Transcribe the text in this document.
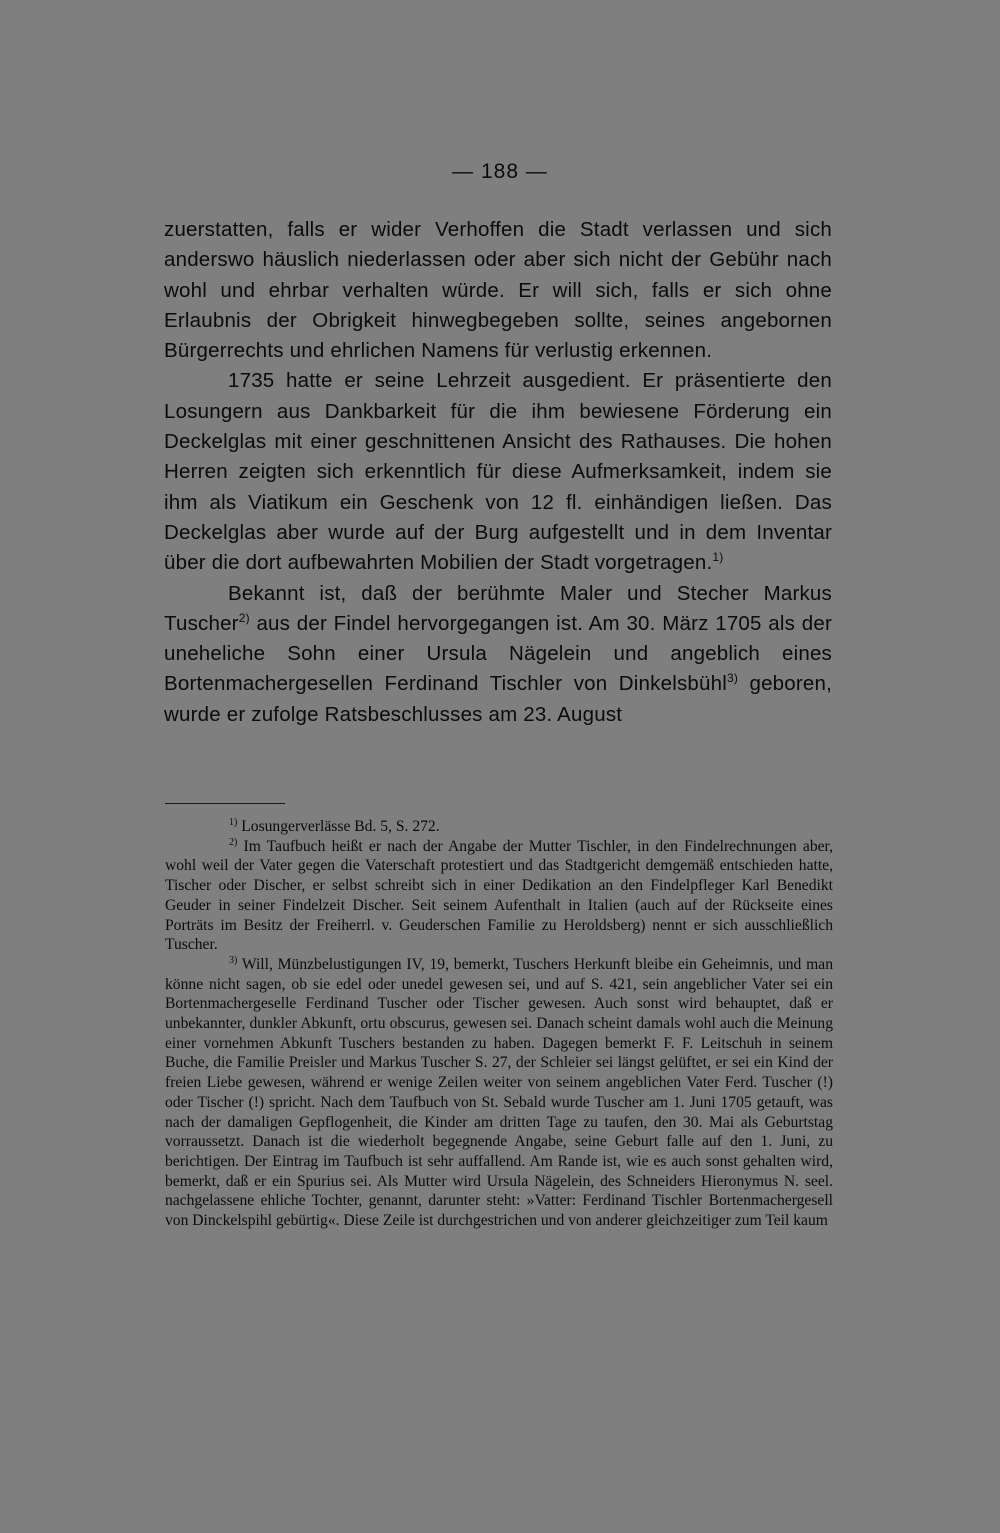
— 188 —

zuerstatten, falls er wider Verhoffen die Stadt verlassen und sich anderswo häuslich niederlassen oder aber sich nicht der Gebühr nach wohl und ehrbar verhalten würde. Er will sich, falls er sich ohne Erlaubnis der Obrigkeit hinwegbegeben sollte, seines angebornen Bürgerrechts und ehrlichen Namens für verlustig erkennen.

1735 hatte er seine Lehrzeit ausgedient. Er präsentierte den Losungern aus Dankbarkeit für die ihm bewiesene Förderung ein Deckelglas mit einer geschnittenen Ansicht des Rathauses. Die hohen Herren zeigten sich erkenntlich für diese Aufmerksamkeit, indem sie ihm als Viatikum ein Geschenk von 12 fl. einhändigen ließen. Das Deckelglas aber wurde auf der Burg aufgestellt und in dem Inventar über die dort aufbewahrten Mobilien der Stadt vorgetragen.$^{1)}$

Bekannt ist, daß der berühmte Maler und Stecher Markus Tuscher$^{2)}$ aus der Findel hervorgegangen ist. Am 30. März 1705 als der uneheliche Sohn einer Ursula Nägelein und angeblich eines Bortenmachergesellen Ferdinand Tischler von Dinkelsbühl$^{3)}$ geboren, wurde er zufolge Ratsbeschlusses am 23. August

$^{1)}$ Losungerverlässe Bd. 5, S. 272.

$^{2)}$ Im Taufbuch heißt er nach der Angabe der Mutter Tischler, in den Findelrechnungen aber, wohl weil der Vater gegen die Vaterschaft protestiert und das Stadtgericht demgemäß entschieden hatte, Tischer oder Discher, er selbst schreibt sich in einer Dedikation an den Findelpfleger Karl Benedikt Geuder in seiner Findelzeit Discher. Seit seinem Aufenthalt in Italien (auch auf der Rückseite eines Porträts im Besitz der Freiherrl. v. Geuderschen Familie zu Heroldsberg) nennt er sich ausschließlich Tuscher.

$^{3)}$ Will, Münzbelustigungen IV, 19, bemerkt, Tuschers Herkunft bleibe ein Geheimnis, und man könne nicht sagen, ob sie edel oder unedel gewesen sei, und auf S. 421, sein angeblicher Vater sei ein Bortenmachergeselle Ferdinand Tuscher oder Tischer gewesen. Auch sonst wird behauptet, daß er unbekannter, dunkler Abkunft, ortu obscurus, gewesen sei. Danach scheint damals wohl auch die Meinung einer vornehmen Abkunft Tuschers bestanden zu haben. Dagegen bemerkt F. F. Leitschuh in seinem Buche, die Familie Preisler und Markus Tuscher S. 27, der Schleier sei längst gelüftet, er sei ein Kind der freien Liebe gewesen, während er wenige Zeilen weiter von seinem angeblichen Vater Ferd. Tuscher (!) oder Tischer (!) spricht. Nach dem Taufbuch von St. Sebald wurde Tuscher am 1. Juni 1705 getauft, was nach der damaligen Gepflogenheit, die Kinder am dritten Tage zu taufen, den 30. Mai als Geburtstag vorraussetzt. Danach ist die wiederholt begegnende Angabe, seine Geburt falle auf den 1. Juni, zu berichtigen. Der Eintrag im Taufbuch ist sehr auffallend. Am Rande ist, wie es auch sonst gehalten wird, bemerkt, daß er ein Spurius sei. Als Mutter wird Ursula Nägelein, des Schneiders Hieronymus N. seel. nachgelassene ehliche Tochter, genannt, darunter steht: »Vatter: Ferdinand Tischler Bortenmachergesell von Dinckelspihl gebürtig«. Diese Zeile ist durchgestrichen und von anderer gleichzeitiger zum Teil kaum
